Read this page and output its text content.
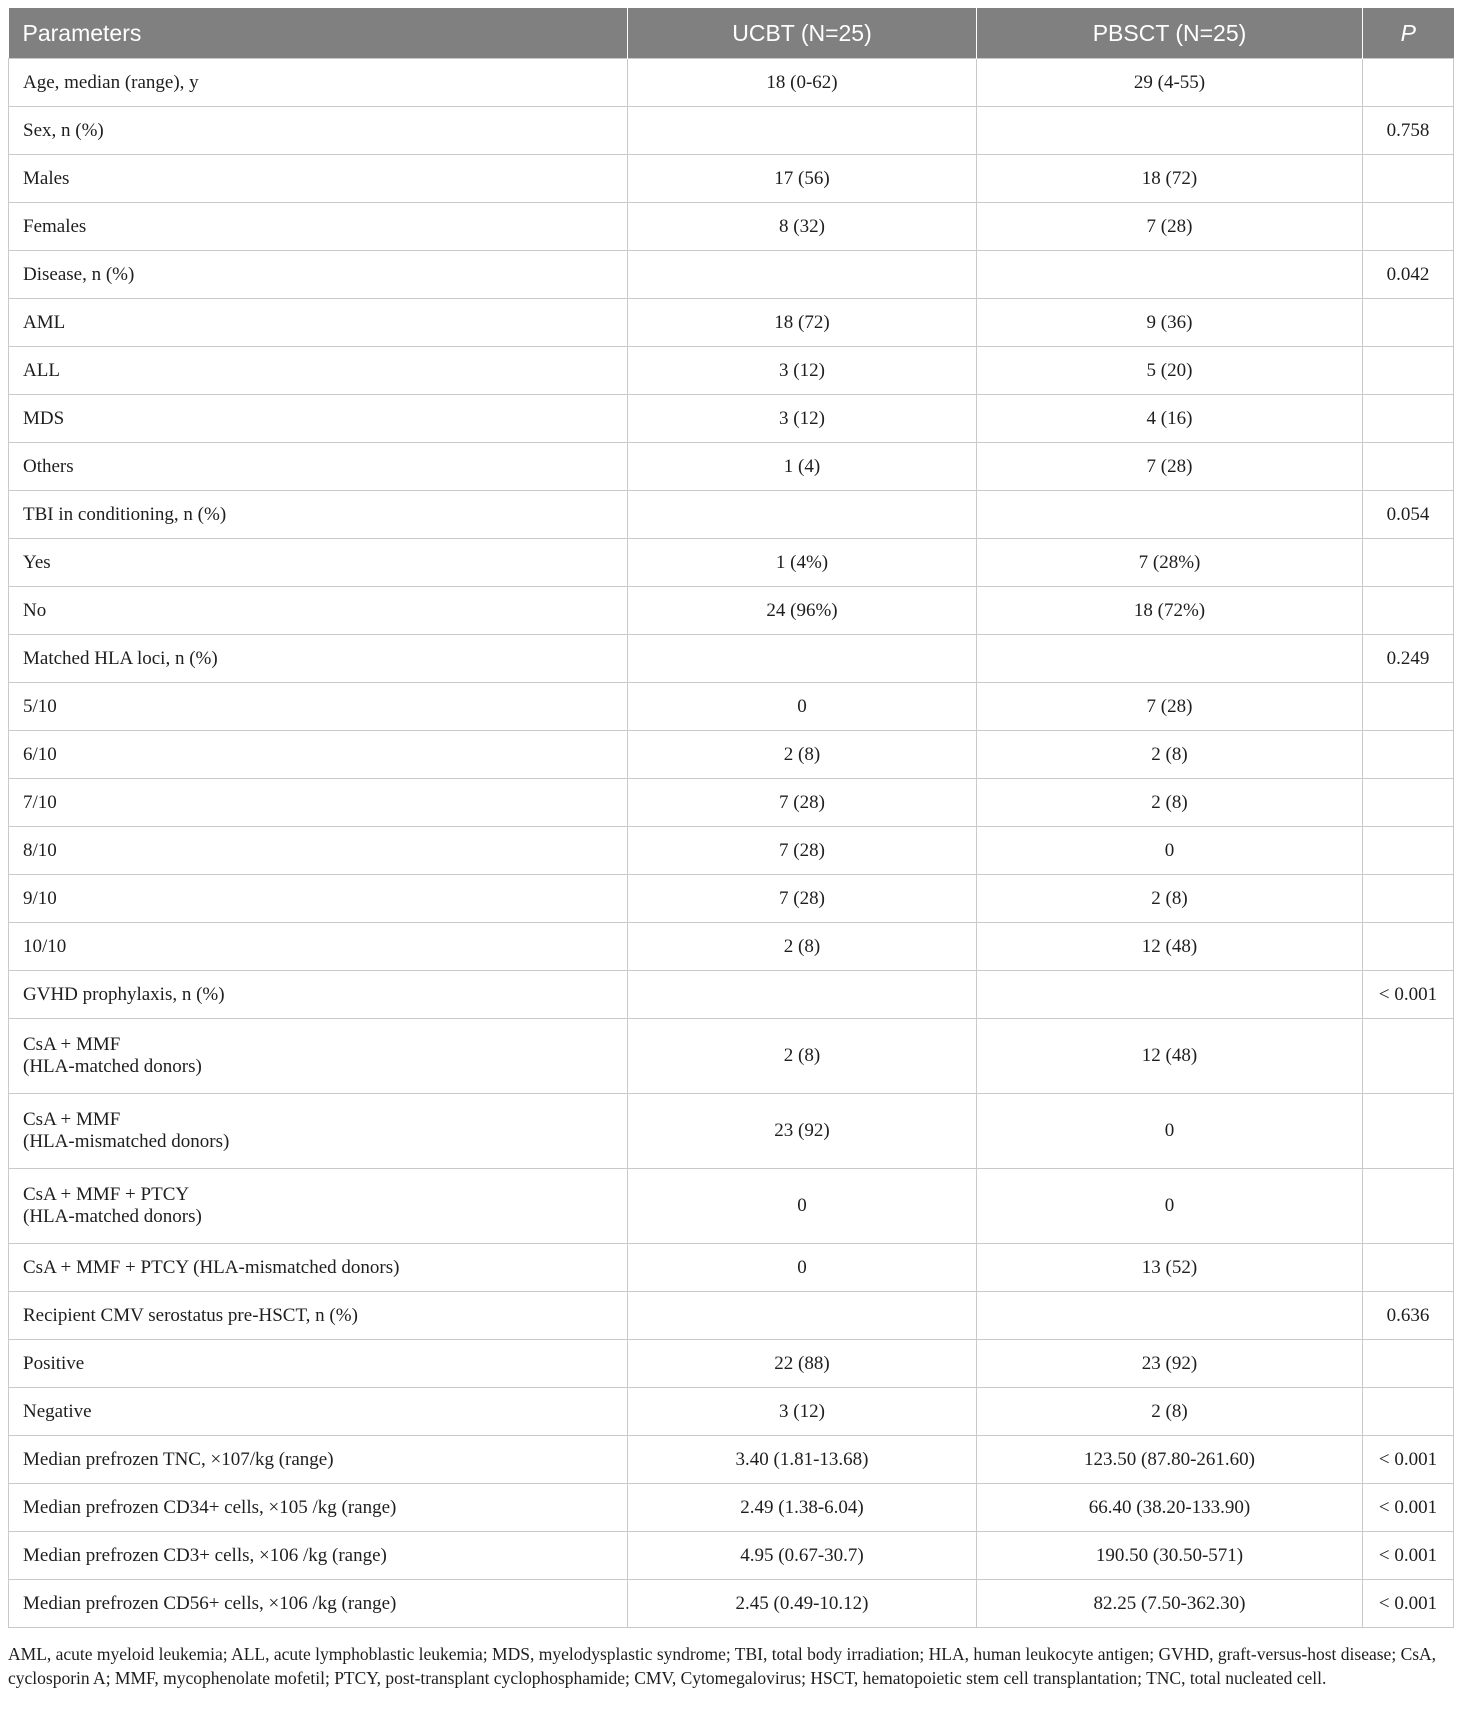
Parameters	UCBT (N=25)	PBSCT (N=25)	P
Age, median (range), y	18 (0-62)	29 (4-55)	
Sex, n (%)			0.758
Males	17 (56)	18 (72)	
Females	8 (32)	7 (28)	
Disease, n (%)			0.042
AML	18 (72)	9 (36)	
ALL	3 (12)	5 (20)	
MDS	3 (12)	4 (16)	
Others	1 (4)	7 (28)	
TBI in conditioning, n (%)			0.054
Yes	1 (4%)	7 (28%)	
No	24 (96%)	18 (72%)	
Matched HLA loci, n (%)			0.249
5/10	0	7 (28)	
6/10	2 (8)	2 (8)	
7/10	7 (28)	2 (8)	
8/10	7 (28)	0	
9/10	7 (28)	2 (8)	
10/10	2 (8)	12 (48)	
GVHD prophylaxis, n (%)			< 0.001
CsA + MMF
(HLA-matched donors)	2 (8)	12 (48)	
CsA + MMF
(HLA-mismatched donors)	23 (92)	0	
CsA + MMF + PTCY
(HLA-matched donors)	0	0	
CsA + MMF + PTCY (HLA-mismatched donors)	0	13 (52)	
Recipient CMV serostatus pre-HSCT, n (%)			0.636
Positive	22 (88)	23 (92)	
Negative	3 (12)	2 (8)	
Median prefrozen TNC, ×107/kg (range)	3.40 (1.81-13.68)	123.50 (87.80-261.60)	< 0.001
Median prefrozen CD34+ cells, ×105 /kg (range)	2.49 (1.38-6.04)	66.40 (38.20-133.90)	< 0.001
Median prefrozen CD3+ cells, ×106 /kg (range)	4.95 (0.67-30.7)	190.50 (30.50-571)	< 0.001
Median prefrozen CD56+ cells, ×106 /kg (range)	2.45 (0.49-10.12)	82.25 (7.50-362.30)	< 0.001
AML, acute myeloid leukemia; ALL, acute lymphoblastic leukemia; MDS, myelodysplastic syndrome; TBI, total body irradiation; HLA, human leukocyte antigen; GVHD, graft-versus-host disease; CsA, cyclosporin A; MMF, mycophenolate mofetil; PTCY, post-transplant cyclophosphamide; CMV, Cytomegalovirus; HSCT, hematopoietic stem cell transplantation; TNC, total nucleated cell.
